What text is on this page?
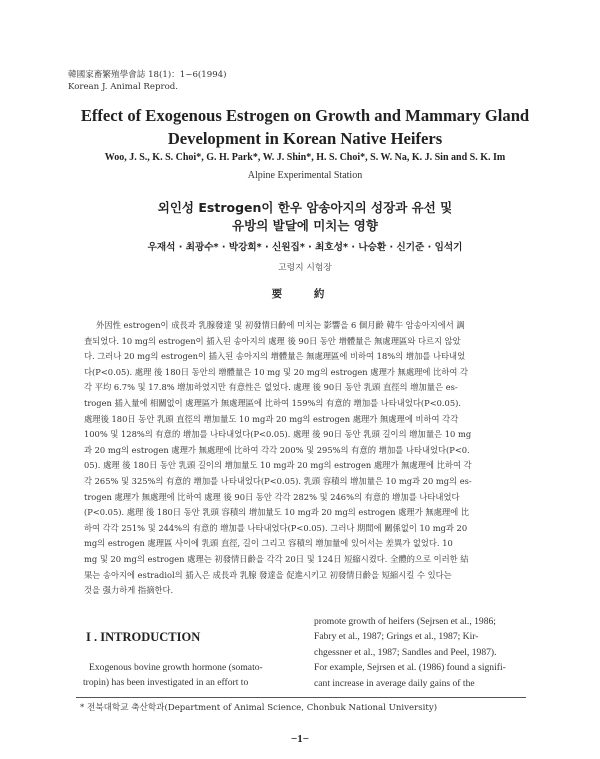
韓國家畜繁殖學會誌 18(1)：1~6(1994)
Korean J. Animal Reprod.
Effect of Exogenous Estrogen on Growth and Mammary Gland
Development in Korean Native Heifers
Woo, J. S., K. S. Choi*, G. H. Park*, W. J. Shin*, H. S. Choi*, S. W. Na, K. J. Sin and S. K. Im
Alpine Experimental Station
외인성 Estrogen이 한우 암송아지의 성장과 유선 및
유방의 발달에 미치는 영향
우재석 · 최광수* · 박강희* · 신원집* · 최호성* · 나승환 · 신기준 · 임석기
고령지 시험장
要 約
外因性 estrogen이 成長과 乳腺發達 및 初發情日齡에 미치는 影響을 6 個月齡 韓牛 암송아지에서 調
査되었다. 10 mg의 estrogen이 插入된 송아지의 處理 後 90日 동안 增體量은 無處理區와 다르지 않았
다. 그러나 20 mg의 estrogen이 插入된 송아지의 增體量은 無處理區에 비하여 18%의 增加를 나타내었
다(P<0.05). 處理 後 180日 동안의 增體量은 10 mg 및 20 mg의 estrogen 處理가 無處理에 比하여 각
각 平均 6.7% 및 17.8% 增加하였지만 有意性은 없었다. 處理 後 90日 동안 乳頭 直徑의 增加量은 es-
trogen 插入量에 相關없이 處理區가 無處理區에 比하여 159%의 有意的 增加를 나타내었다(P<0.05).
處理後 180日 동안 乳頭 直徑의 增加量도 10 mg과 20 mg의 estrogen 處理가 無處理에 비하여 각각
100% 및 128%의 有意的 增加를 나타내었다(P<0.05). 處理 後 90日 동안 乳頭 길이의 增加量은 10 mg
과 20 mg의 estrogen 處理가 無處理에 比하여 각각 200% 및 295%의 有意的 增加를 나타내었다(P<0.
05). 處理 後 180日 동안 乳頭 길이의 增加量도 10 mg과 20 mg의 estrogen 處理가 無處理에 比하여 각
각 265% 및 325%의 有意的 增加를 나타내었다(P<0.05). 乳頭 容積의 增加量은 10 mg과 20 mg의 es-
trogen 處理가 無處理에 比하여 處理 後 90日 동안 각각 282% 및 246%의 有意的 增加를 나타내었다
(P<0.05). 處理 後 180日 동안 乳頭 容積의 增加量도 10 mg과 20 mg의 estrogen 處理가 無處理에 比
하여 각각 251% 및 244%의 有意的 增加를 나타내었다(P<0.05). 그러나 期間에 關係없이 10 mg과 20
mg의 estrogen 處理區 사이에 乳頭 直徑, 길이 그리고 容積의 增加量에 있어서는 差異가 없었다. 10
mg 및 20 mg의 estrogen 處理는 初發情日齡을 각각 20日 및 124日 短縮시켰다. 全體的으로 이러한 結
果는 송아지에 estradiol의 插入은 成長과 乳腺 發達을 促進시키고 初發情日齡을 短縮시킬 수 있다는
것을 强力하게 指摘한다.
I . INTRODUCTION
Exogenous bovine growth hormone (somato-
tropin) has been investigated in an effort to
promote growth of heifers (Sejrsen et al., 1986;
Fabry et al., 1987; Grings et al., 1987; Kir-
chgessner et al., 1987; Sandles and Peel, 1987).
For example, Sejrsen et al. (1986) found a signifi-
cant increase in average daily gains of the
* 전북대학교 축산학과(Department of Animal Science, Chonbuk National University)
−1−
